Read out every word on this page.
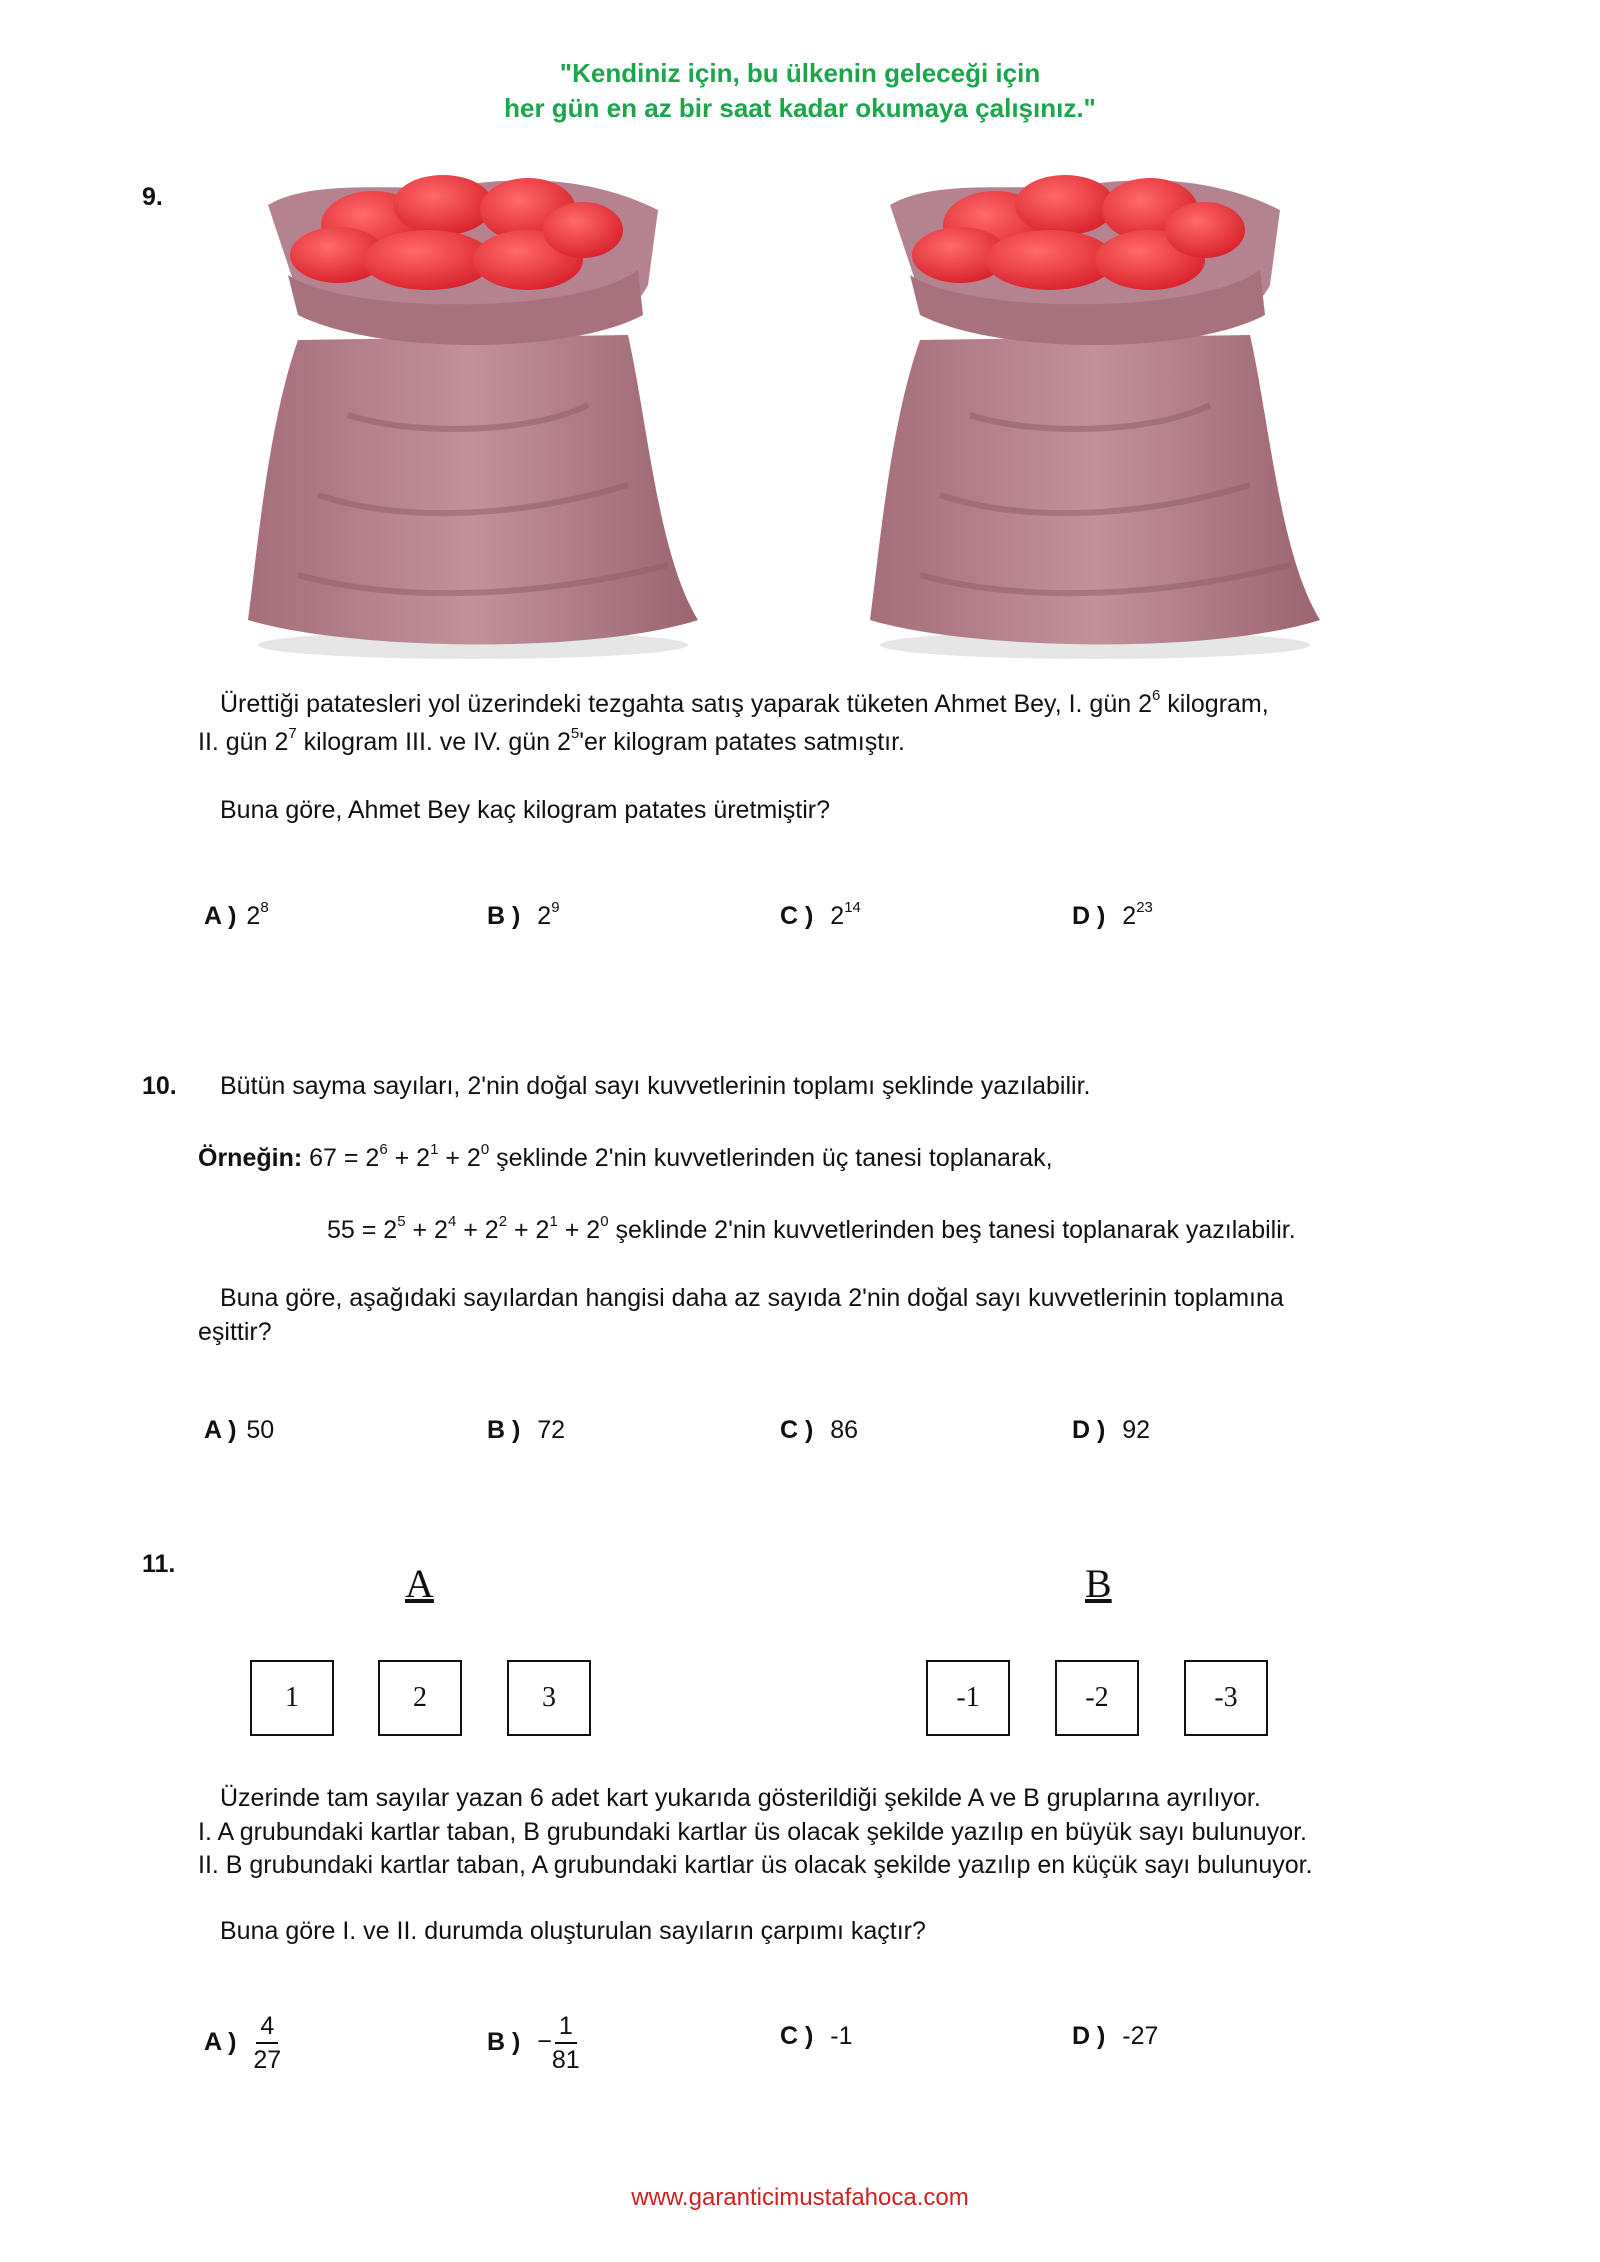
"Kendiniz için, bu ülkenin geleceği için
her gün en az bir saat kadar okumaya çalışınız."
9.
Ürettiği patatesleri yol üzerindeki tezgahta satış yaparak tüketen Ahmet Bey, I. gün $2^6$ kilogram,
II. gün $2^7$ kilogram III. ve IV. gün $2^5'er$ kilogram patates satmıştır.
Buna göre, Ahmet Bey kaç kilogram patates üretmiştir?
A ) $2^8$	B ) $2^9$	C ) $2^{14}$	D ) $2^{23}$
10. Bütün sayma sayıları, 2'nin doğal sayı kuvvetlerinin toplamı şeklinde yazılabilir.
Örneğin: $67 = 2^6 + 2^1 + 2^0$ şeklinde 2'nin kuvvetlerinden üç tanesi toplanarak,
$55 = 2^5 + 2^4 + 2^2 + 2^1 + 2^0$ şeklinde 2'nin kuvvetlerinden beş tanesi toplanarak yazılabilir.
Buna göre, aşağıdaki sayılardan hangisi daha az sayıda 2'nin doğal sayı kuvvetlerinin toplamına
eşittir?
A ) 50	B ) 72	C ) 86	D ) 92
11.	A	B
1	2	3	-1	-2	-3
Üzerinde tam sayılar yazan 6 adet kart yukarıda gösterildiği şekilde A ve B gruplarına ayrılıyor.
I. A grubundaki kartlar taban, B grubundaki kartlar üs olacak şekilde yazılıp en büyük sayı bulunuyor.
II. B grubundaki kartlar taban, A grubundaki kartlar üs olacak şekilde yazılıp en küçük sayı bulunuyor.
Buna göre I. ve II. durumda oluşturulan sayıların çarpımı kaçtır?
A ) $\frac{4}{27}$	B ) − $\frac{1}{81}$	C ) -1	D ) -27
www.garanticimustafahoca.com
